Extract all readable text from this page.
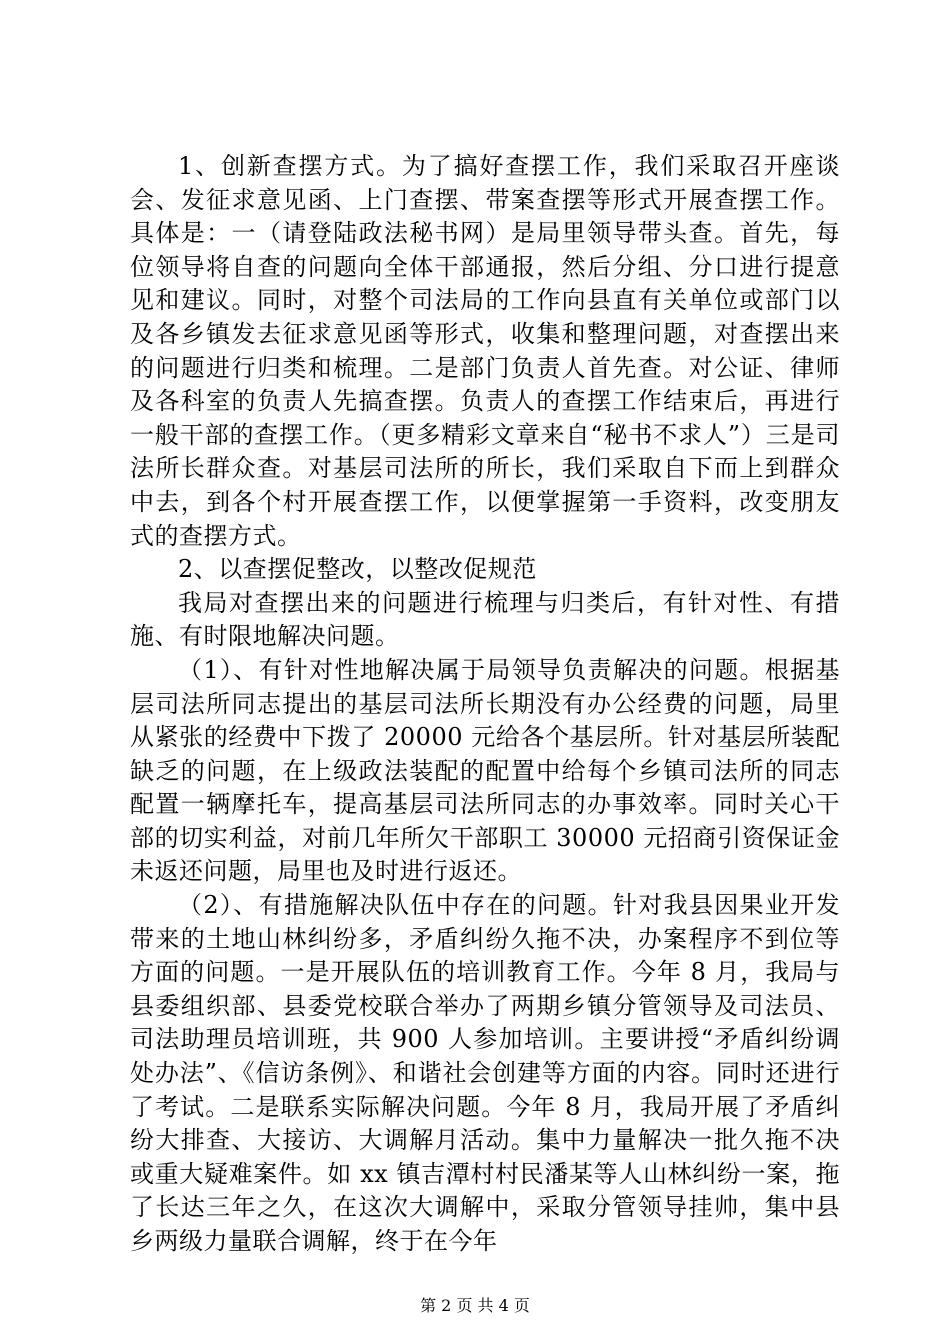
1、创新查摆方式。为了搞好查摆工作，我们采取召开座谈会、发征求意见函、上门查摆、带案查摆等形式开展查摆工作。具体是：一（请登陆政法秘书网）是局里领导带头查。首先，每位领导将自查的问题向全体干部通报，然后分组、分口进行提意见和建议。同时，对整个司法局的工作向县直有关单位或部门以及各乡镇发去征求意见函等形式，收集和整理问题，对查摆出来的问题进行归类和梳理。二是部门负责人首先查。对公证、律师及各科室的负责人先搞查摆。负责人的查摆工作结束后，再进行一般干部的查摆工作。（更多精彩文章来自“秘书不求人”）三是司法所长群众查。对基层司法所的所长，我们采取自下而上到群众中去，到各个村开展查摆工作，以便掌握第一手资料，改变朋友式的查摆方式。

2、以查摆促整改，以整改促规范

我局对查摆出来的问题进行梳理与归类后，有针对性、有措施、有时限地解决问题。

（1）、有针对性地解决属于局领导负责解决的问题。根据基层司法所同志提出的基层司法所长期没有办公经费的问题，局里从紧张的经费中下拨了 20000 元给各个基层所。针对基层所装配缺乏的问题，在上级政法装配的配置中给每个乡镇司法所的同志配置一辆摩托车，提高基层司法所同志的办事效率。同时关心干部的切实利益，对前几年所欠干部职工 30000 元招商引资保证金未返还问题，局里也及时进行返还。

（2）、有措施解决队伍中存在的问题。针对我县因果业开发带来的土地山林纠纷多，矛盾纠纷久拖不决，办案程序不到位等方面的问题。一是开展队伍的培训教育工作。今年 8 月，我局与县委组织部、县委党校联合举办了两期乡镇分管领导及司法员、司法助理员培训班，共 900 人参加培训。主要讲授“矛盾纠纷调处办法”、《信访条例》、和谐社会创建等方面的内容。同时还进行了考试。二是联系实际解决问题。今年 8 月，我局开展了矛盾纠纷大排查、大接访、大调解月活动。集中力量解决一批久拖不决或重大疑难案件。如 xx 镇吉潭村村民潘某等人山林纠纷一案，拖了长达三年之久，在这次大调解中，采取分管领导挂帅，集中县乡两级力量联合调解，终于在今年

第 2 页 共 4 页
